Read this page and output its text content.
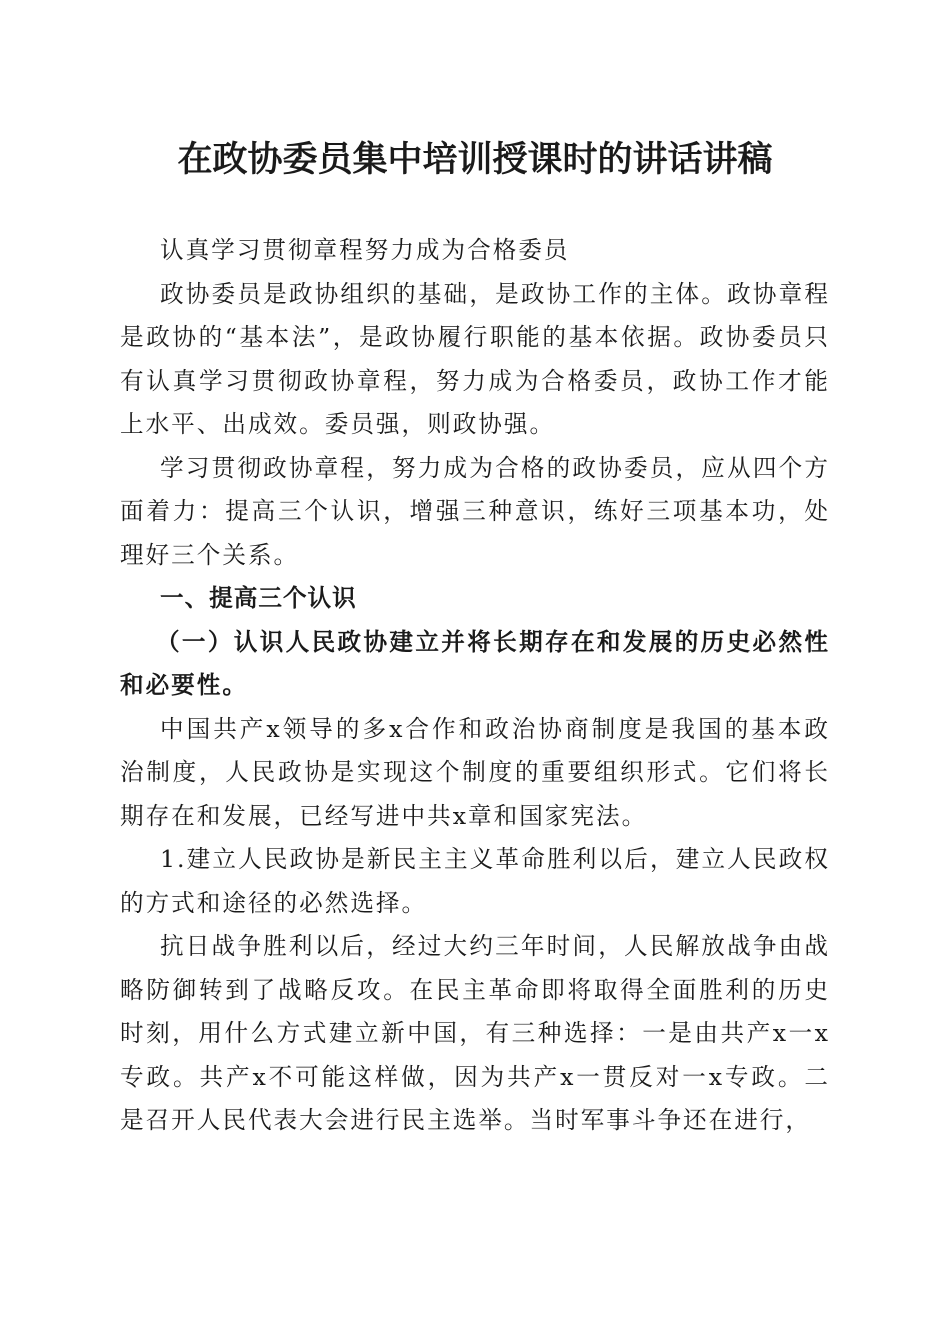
在政协委员集中培训授课时的讲话讲稿

认真学习贯彻章程努力成为合格委员

政协委员是政协组织的基础，是政协工作的主体。政协章程是政协的“基本法”，是政协履行职能的基本依据。政协委员只有认真学习贯彻政协章程，努力成为合格委员，政协工作才能上水平、出成效。委员强，则政协强。

学习贯彻政协章程，努力成为合格的政协委员，应从四个方面着力：提高三个认识，增强三种意识，练好三项基本功，处理好三个关系。

一、提高三个认识

（一）认识人民政协建立并将长期存在和发展的历史必然性和必要性。

中国共产x领导的多x合作和政治协商制度是我国的基本政治制度，人民政协是实现这个制度的重要组织形式。它们将长期存在和发展，已经写进中共x章和国家宪法。

1.建立人民政协是新民主主义革命胜利以后，建立人民政权的方式和途径的必然选择。

抗日战争胜利以后，经过大约三年时间，人民解放战争由战略防御转到了战略反攻。在民主革命即将取得全面胜利的历史时刻，用什么方式建立新中国，有三种选择：一是由共产x一x专政。共产x不可能这样做，因为共产x一贯反对一x专政。二是召开人民代表大会进行民主选举。当时军事斗争还在进行，
